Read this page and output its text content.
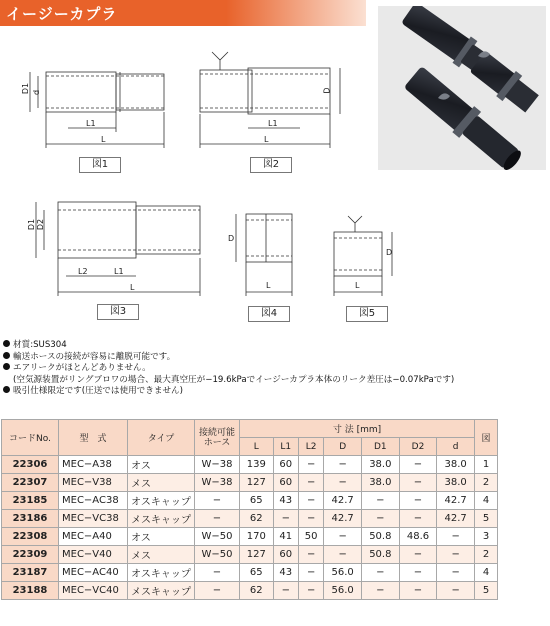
イージーカプラ
D1 d
L1
L
図1
D
L1
L
図2
D1 D2
L2	L1
L
図3
D
L
図4
D
L
図5
材質:SUS304
輸送ホースの接続が容易に離脱可能です。
エアリークがほとんどありません。
(空気源装置がリングブロワの場合、最大真空圧が−19.6kPaでイージーカプラ本体のリーク差圧は−0.07kPaです)
吸引仕様限定です(圧送では使用できません)
コードNo.	型　式	タイプ	接続可能ホース	寸 法 [mm]							図
				L	L1	L2	D	D1	D2	d	
22306	MEC−A38	オス	W−38	139	60	−	−	38.0	−	38.0	1
22307	MEC−V38	メス	W−38	127	60	−	−	38.0	−	38.0	2
23185	MEC−AC38	オスキャップ	−	65	43	−	42.7	−	−	42.7	4
23186	MEC−VC38	メスキャップ	−	62	−	−	42.7	−	−	42.7	5
22308	MEC−A40	オス	W−50	170	41	50	−	50.8	48.6	−	3
22309	MEC−V40	メス	W−50	127	60	−	−	50.8	−	−	2
23187	MEC−AC40	オスキャップ	−	65	43	−	56.0	−	−	−	4
23188	MEC−VC40	メスキャップ	−	62	−	−	56.0	−	−	−	5
